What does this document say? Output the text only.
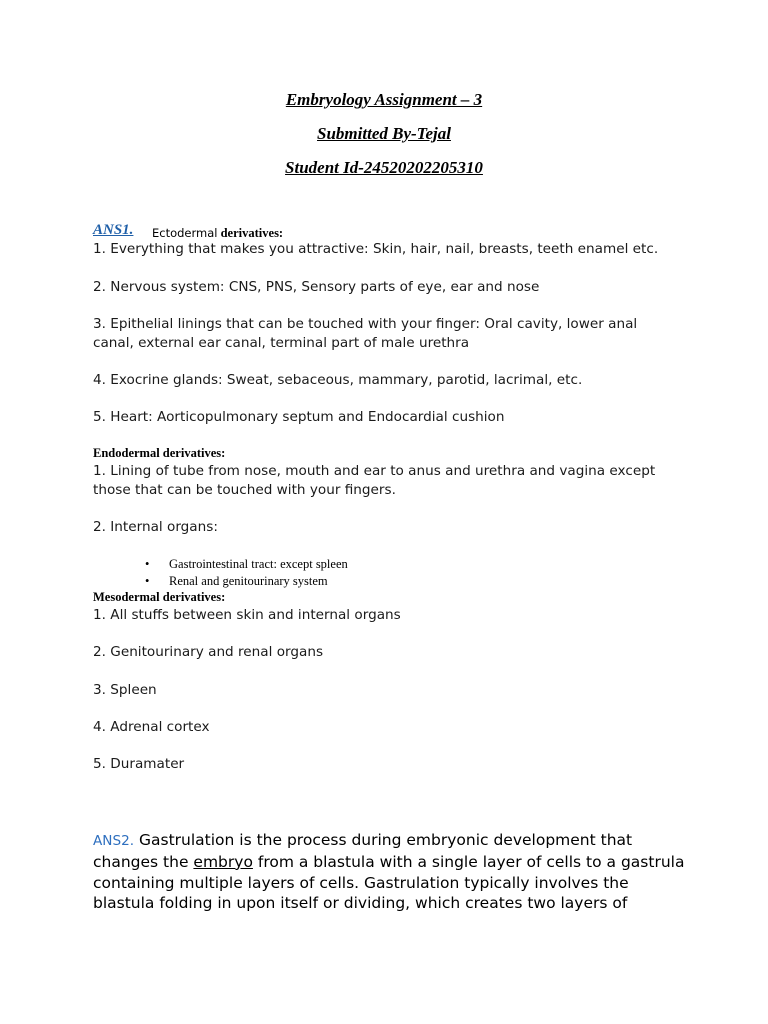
Embryology Assignment – 3
Submitted By-Tejal
Student Id-24520202205310
ANS1. Ectodermal derivatives:
1. Everything that makes you attractive: Skin, hair, nail, breasts, teeth enamel etc.
2. Nervous system: CNS, PNS, Sensory parts of eye, ear and nose
3. Epithelial linings that can be touched with your finger: Oral cavity, lower anal
canal, external ear canal, terminal part of male urethra
4. Exocrine glands: Sweat, sebaceous, mammary, parotid, lacrimal, etc.
5. Heart: Aorticopulmonary septum and Endocardial cushion
Endodermal derivatives:
1. Lining of tube from nose, mouth and ear to anus and urethra and vagina except
those that can be touched with your fingers.
2. Internal organs:
• Gastrointestinal tract: except spleen
• Renal and genitourinary system
Mesodermal derivatives:
1. All stuffs between skin and internal organs
2. Genitourinary and renal organs
3. Spleen
4. Adrenal cortex
5. Duramater
ANS2. Gastrulation is the process during embryonic development that changes the embryo from a blastula with a single layer of cells to a gastrula containing multiple layers of cells. Gastrulation typically involves the blastula folding in upon itself or dividing, which creates two layers of
